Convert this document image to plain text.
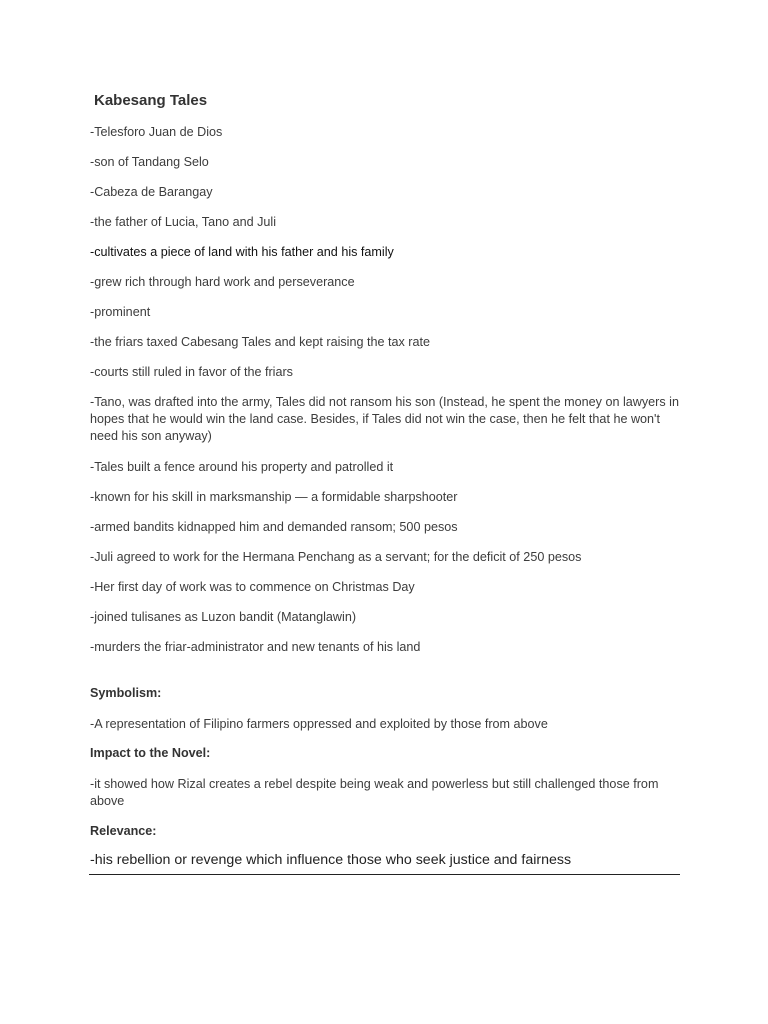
Kabesang Tales
-Telesforo Juan de Dios
-son of Tandang Selo
-Cabeza de Barangay
-the father of Lucia, Tano and Juli
-cultivates a piece of land with his father and his family
-grew rich through hard work and perseverance
-prominent
-the friars taxed Cabesang Tales and kept raising the tax rate
-courts still ruled in favor of the friars
-Tano, was drafted into the army, Tales did not ransom his son (Instead, he spent the money on lawyers in hopes that he would win the land case. Besides, if Tales did not win the case, then he felt that he won't need his son anyway)
-Tales built a fence around his property and patrolled it
-known for his skill in marksmanship — a formidable sharpshooter
-armed bandits kidnapped him and demanded ransom; 500 pesos
-Juli agreed to work for the Hermana Penchang as a servant; for the deficit of 250 pesos
-Her first day of work was to commence on Christmas Day
-joined tulisanes as Luzon bandit (Matanglawin)
-murders the friar-administrator and new tenants of his land
Symbolism:
-A representation of Filipino farmers oppressed and exploited by those from above
Impact to the Novel:
-it showed how Rizal creates a rebel despite being weak and powerless but still challenged those from above
Relevance:
-his rebellion or revenge which influence those who seek justice and fairness
